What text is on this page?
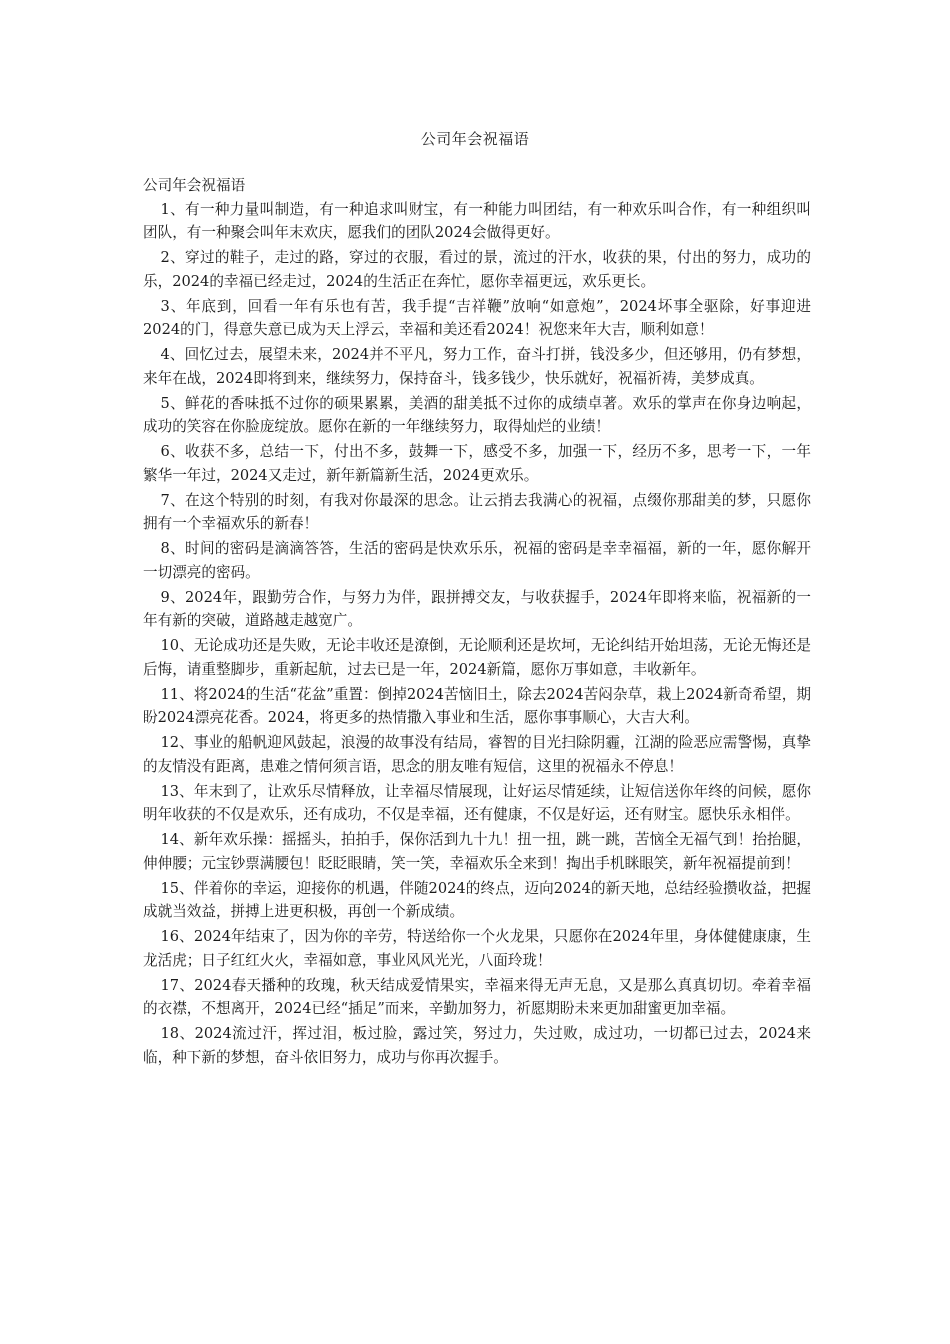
公司年会祝福语

公司年会祝福语

1、有一种力量叫制造，有一种追求叫财宝，有一种能力叫团结，有一种欢乐叫合作，有一种组织叫团队，有一种聚会叫年末欢庆，愿我们的团队2024会做得更好。

2、穿过的鞋子，走过的路，穿过的衣服，看过的景，流过的汗水，收获的果，付出的努力，成功的乐，2024的幸福已经走过，2024的生活正在奔忙，愿你幸福更远，欢乐更长。

3、年底到，回看一年有乐也有苦，我手提“吉祥鞭”放响“如意炮”，2024坏事全驱除，好事迎进2024的门，得意失意已成为天上浮云，幸福和美还看2024！祝您来年大吉，顺利如意！

4、回忆过去，展望未来，2024并不平凡，努力工作，奋斗打拼，钱没多少，但还够用，仍有梦想，来年在战，2024即将到来，继续努力，保持奋斗，钱多钱少，快乐就好，祝福祈祷，美梦成真。

5、鲜花的香味抵不过你的硕果累累，美酒的甜美抵不过你的成绩卓著。欢乐的掌声在你身边响起，成功的笑容在你脸庞绽放。愿你在新的一年继续努力，取得灿烂的业绩！

6、收获不多，总结一下，付出不多，鼓舞一下，感受不多，加强一下，经历不多，思考一下，一年繁华一年过，2024又走过，新年新篇新生活，2024更欢乐。

7、在这个特别的时刻，有我对你最深的思念。让云捎去我满心的祝福，点缀你那甜美的梦，只愿你拥有一个幸福欢乐的新春！

8、时间的密码是滴滴答答，生活的密码是快欢乐乐，祝福的密码是幸幸福福，新的一年，愿你解开一切漂亮的密码。

9、2024年，跟勤劳合作，与努力为伴，跟拼搏交友，与收获握手，2024年即将来临，祝福新的一年有新的突破，道路越走越宽广。

10、无论成功还是失败，无论丰收还是潦倒，无论顺利还是坎坷，无论纠结开始坦荡，无论无悔还是后悔，请重整脚步，重新起航，过去已是一年，2024新篇，愿你万事如意，丰收新年。

11、将2024的生活“花盆”重置：倒掉2024苦恼旧土，除去2024苦闷杂草，栽上2024新奇希望，期盼2024漂亮花香。2024，将更多的热情撒入事业和生活，愿你事事顺心，大吉大利。

12、事业的船帆迎风鼓起，浪漫的故事没有结局，睿智的目光扫除阴霾，江湖的险恶应需警惕，真挚的友情没有距离，患难之情何须言语，思念的朋友唯有短信，这里的祝福永不停息！

13、年末到了，让欢乐尽情释放，让幸福尽情展现，让好运尽情延续，让短信送你年终的问候，愿你明年收获的不仅是欢乐，还有成功，不仅是幸福，还有健康，不仅是好运，还有财宝。愿快乐永相伴。

14、新年欢乐操：摇摇头，拍拍手，保你活到九十九！扭一扭，跳一跳，苦恼全无福气到！抬抬腿，伸伸腰；元宝钞票满腰包！眨眨眼睛，笑一笑，幸福欢乐全来到！掏出手机眯眼笑，新年祝福提前到！

15、伴着你的幸运，迎接你的机遇，伴随2024的终点，迈向2024的新天地，总结经验攒收益，把握成就当效益，拼搏上进更积极，再创一个新成绩。

16、2024年结束了，因为你的辛劳，特送给你一个火龙果，只愿你在2024年里，身体健健康康，生龙活虎；日子红红火火，幸福如意，事业风风光光，八面玲珑！

17、2024春天播种的玫瑰，秋天结成爱情果实，幸福来得无声无息，又是那么真真切切。牵着幸福的衣襟，不想离开，2024已经“插足”而来，辛勤加努力，祈愿期盼未来更加甜蜜更加幸福。

18、2024流过汗，挥过泪，板过脸，露过笑，努过力，失过败，成过功，一切都已过去，2024来临，种下新的梦想，奋斗依旧努力，成功与你再次握手。
